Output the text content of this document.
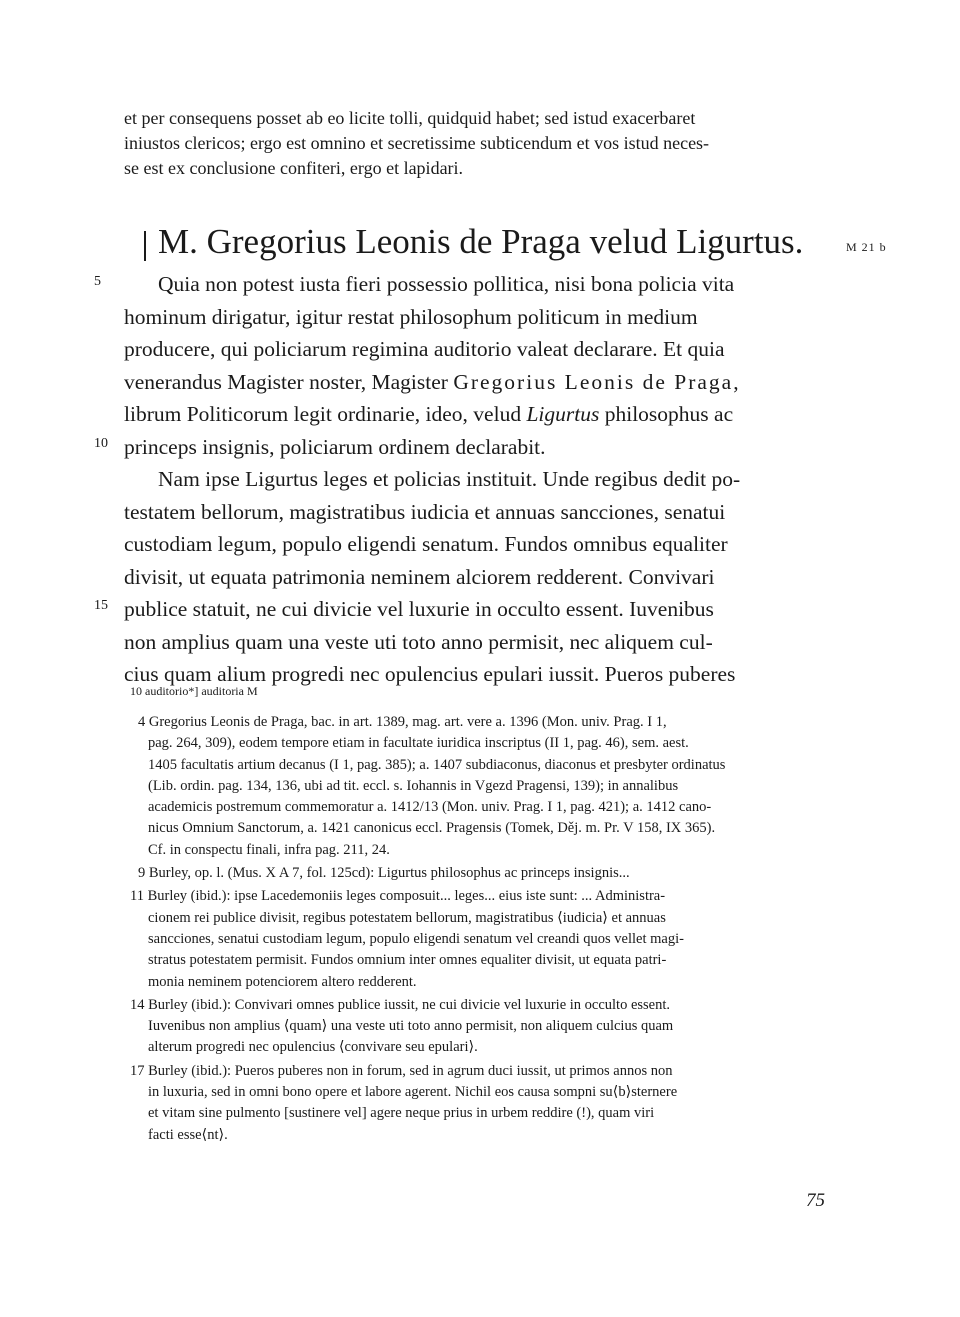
et per consequens posset ab eo licite tolli, quidquid habet; sed istud exacerbaret
iniustos clericos; ergo est omnino et secretissime subticendum et vos istud neces-
se est ex conclusione confiteri, ergo et lapidari.
M. Gregorius Leonis de Praga velud Ligurtus.	M 21 b
Quia non potest iusta fieri possessio pollitica, nisi bona policia vita
hominum dirigatur, igitur restat philosophum politicum in medium
producere, qui policiarum regimina auditorio valeat declarare. Et quia
venerandus Magister noster, Magister Gregorius Leonis de Praga,
librum Politicorum legit ordinarie, ideo, velud Ligurtus philosophus ac
princeps insignis, policiarum ordinem declarabit.
Nam ipse Ligurtus leges et policias instituit. Unde regibus dedit po-
testatem bellorum, magistratibus iudicia et annuas sancciones, senatui
custodiam legum, populo eligendi senatum. Fundos omnibus equaliter
divisit, ut equata patrimonia neminem alciorem redderent. Convivari
publice statuit, ne cui divicie vel luxurie in occulto essent. Iuvenibus
non amplius quam una veste uti toto anno permisit, nec aliquem cul-
cius quam alium progredi nec opulencius epulari iussit. Pueros puberes
5
10
15
10 auditorio*] auditoria M
4 Gregorius Leonis de Praga, bac. in art. 1389, mag. art. vere a. 1396 (Mon. univ. Prag. I 1,
pag. 264, 309), eodem tempore etiam in facultate iuridica inscriptus (II 1, pag. 46), sem. aest.
1405 facultatis artium decanus (I 1, pag. 385); a. 1407 subdiaconus, diaconus et presbyter ordinatus
(Lib. ordin. pag. 134, 136, ubi ad tit. eccl. s. Iohannis in Vgezd Pragensi, 139); in annalibus
academicis postremum commemoratur a. 1412/13 (Mon. univ. Prag. I 1, pag. 421); a. 1412 cano-
nicus Omnium Sanctorum, a. 1421 canonicus eccl. Pragensis (Tomek, Děj. m. Pr. V 158, IX 365).
Cf. in conspectu finali, infra pag. 211, 24.
9 Burley, op. l. (Mus. X A 7, fol. 125cd): Ligurtus philosophus ac princeps insignis...
11 Burley (ibid.): ipse Lacedemoniis leges composuit... leges... eius iste sunt: ... Administra-
cionem rei publice divisit, regibus potestatem bellorum, magistratibus ⟨iudicia⟩ et annuas
sancciones, senatui custodiam legum, populo eligendi senatum vel creandi quos vellet magi-
stratus potestatem permisit. Fundos omnium inter omnes equaliter divisit, ut equata patri-
monia neminem potenciorem altero redderent.
14 Burley (ibid.): Convivari omnes publice iussit, ne cui divicie vel luxurie in occulto essent.
Iuvenibus non amplius ⟨quam⟩ una veste uti toto anno permisit, non aliquem culcius quam
alterum progredi nec opulencius ⟨convivare seu epulari⟩.
17 Burley (ibid.): Pueros puberes non in forum, sed in agrum duci iussit, ut primos annos non
in luxuria, sed in omni bono opere et labore agerent. Nichil eos causa sompni su⟨b⟩sternere
et vitam sine pulmento [sustinere vel] agere neque prius in urbem reddire (!), quam viri
facti esse⟨nt⟩.
75
